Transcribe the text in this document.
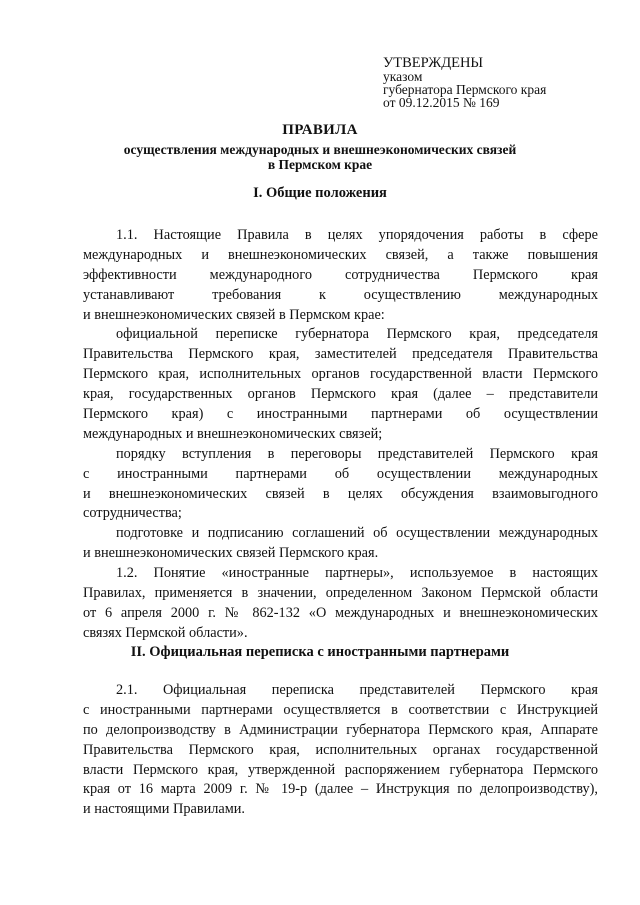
УТВЕРЖДЕНЫ
указом
губернатора Пермского края
от 09.12.2015 № 169
ПРАВИЛА
осуществления международных и внешнеэкономических связей
в Пермском крае
I. Общие положения
1.1. Настоящие Правила в целях упорядочения работы в сфере
международных и внешнеэкономических связей, а также повышения
эффективности международного сотрудничества Пермского края
устанавливают требования к осуществлению международных
и внешнеэкономических связей в Пермском крае:
официальной переписке губернатора Пермского края, председателя
Правительства Пермского края, заместителей председателя Правительства
Пермского края, исполнительных органов государственной власти Пермского
края, государственных органов Пермского края (далее – представители
Пермского края) с иностранными партнерами об осуществлении
международных и внешнеэкономических связей;
порядку вступления в переговоры представителей Пермского края
с иностранными партнерами об осуществлении международных
и внешнеэкономических связей в целях обсуждения взаимовыгодного
сотрудничества;
подготовке и подписанию соглашений об осуществлении международных
и внешнеэкономических связей Пермского края.
1.2. Понятие «иностранные партнеры», используемое в настоящих
Правилах, применяется в значении, определенном Законом Пермской области
от 6 апреля 2000 г. № 862-132 «О международных и внешнеэкономических
связях Пермской области».
II. Официальная переписка с иностранными партнерами
2.1. Официальная переписка представителей Пермского края
с иностранными партнерами осуществляется в соответствии с Инструкцией
по делопроизводству в Администрации губернатора Пермского края, Аппарате
Правительства Пермского края, исполнительных органах государственной
власти Пермского края, утвержденной распоряжением губернатора Пермского
края от 16 марта 2009 г. № 19-р (далее – Инструкция по делопроизводству),
и настоящими Правилами.
